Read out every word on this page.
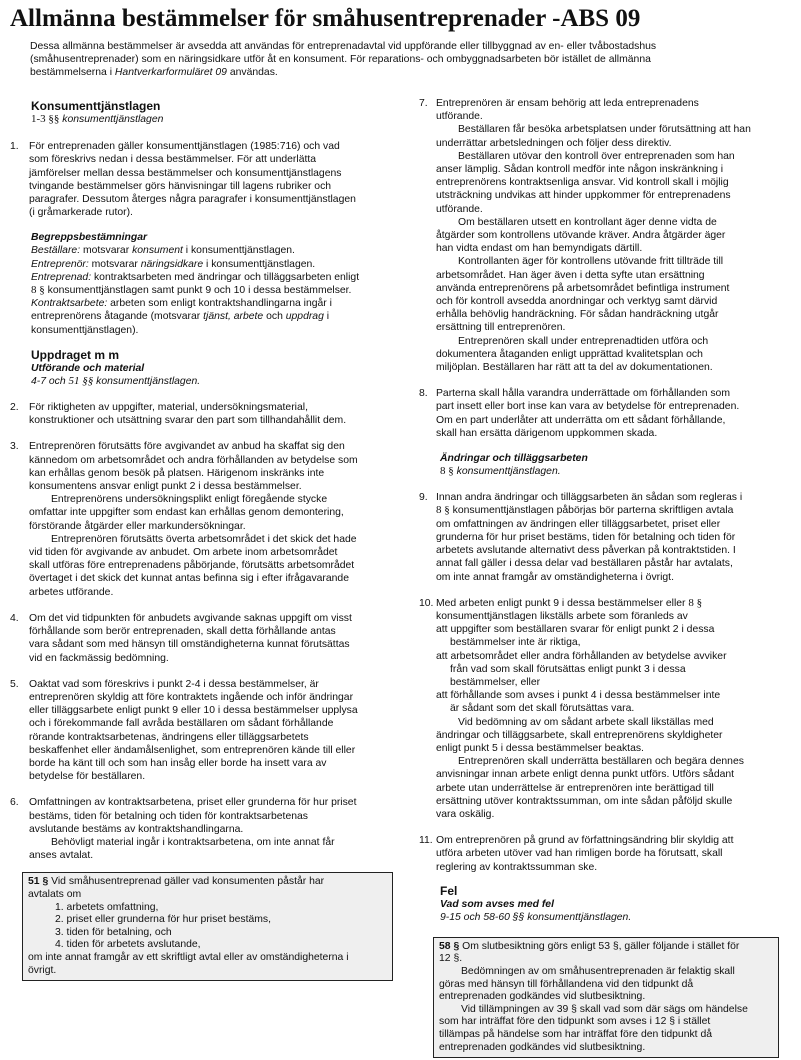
Allmänna bestämmelser för småhusentreprenader -ABS 09
Dessa allmänna bestämmelser är avsedda att användas för entreprenadavtal vid uppförande eller tillbyggnad av en- eller tvåbostadshus
(småhusentreprenader) som en näringsidkare utför åt en konsument. För reparations- och ombyggnadsarbeten bör istället de allmänna
bestämmelserna i Hantverkarformuläret 09 användas.
Konsumenttjänstlagen
1-3 §§ konsumenttjänstlagen
1. För entreprenaden gäller konsumenttjänstlagen (1985:716) och vad

som föreskrivs nedan i dessa bestämmelser. För att underlätta

jämförelser mellan dessa bestämmelser och konsumenttjänstlagens

tvingande bestämmelser görs hänvisningar till lagens rubriker och

paragrafer. Dessutom återges några paragrafer i konsumenttjänstlagen

(i gråmarkerade rutor).

Begreppsbestämningar

Beställare: motsvarar konsument i konsumenttjänstlagen.

Entreprenör: motsvarar näringsidkare i konsumenttjänstlagen.

Entreprenad: kontraktsarbeten med ändringar och tilläggsarbeten enligt

8 § konsumenttjänstlagen samt punkt 9 och 10 i dessa bestämmelser.

Kontraktsarbete: arbeten som enligt kontraktshandlingarna ingår i

entreprenörens åtagande (motsvarar tjänst, arbete och uppdrag i

konsumenttjänstlagen).

Uppdraget m m
Utförande och material
4-7 och 51 §§ konsumenttjänstlagen.
2. För riktigheten av uppgifter, material, undersökningsmaterial,

konstruktioner och utsättning svarar den part som tillhandahållit dem.

3. Entreprenören förutsätts före avgivandet av anbud ha skaffat sig den

kännedom om arbetsområdet och andra förhållanden av betydelse som

kan erhållas genom besök på platsen. Härigenom inskränks inte

konsumentens ansvar enligt punkt 2 i dessa bestämmelser.

Entreprenörens undersökningsplikt enligt föregående stycke

omfattar inte uppgifter som endast kan erhållas genom demontering,

förstörande åtgärder eller markundersökningar.

Entreprenören förutsätts överta arbetsområdet i det skick det hade

vid tiden för avgivande av anbudet. Om arbete inom arbetsområdet

skall utföras före entreprenadens påbörjande, förutsätts arbetsområdet

övertaget i det skick det kunnat antas befinna sig i efter ifrågavarande

arbetes utförande.

4. Om det vid tidpunkten för anbudets avgivande saknas uppgift om visst

förhållande som berör entreprenaden, skall detta förhållande antas

vara sådant som med hänsyn till omständigheterna kunnat förutsättas

vid en fackmässig bedömning.

5. Oaktat vad som föreskrivs i punkt 2-4 i dessa bestämmelser, är

entreprenören skyldig att före kontraktets ingående och inför ändringar

eller tilläggsarbete enligt punkt 9 eller 10 i dessa bestämmelser upplysa

och i förekommande fall avråda beställaren om sådant förhållande

rörande kontraktsarbetenas, ändringens eller tilläggsarbetets

beskaffenhet eller ändamålsenlighet, som entreprenören kände till eller

borde ha känt till och som han insåg eller borde ha insett vara av

betydelse för beställaren.

6. Omfattningen av kontraktsarbetena, priset eller grunderna för hur priset

bestäms, tiden för betalning och tiden för kontraktsarbetenas

avslutande bestäms av kontraktshandlingarna.

Behövligt material ingår i kontraktsarbetena, om inte annat får

anses avtalat.

51 § Vid småhusentreprenad gäller vad konsumenten påstår har

avtalats om

1. arbetets omfattning,

2. priset eller grunderna för hur priset bestäms,

3. tiden för betalning, och

4. tiden för arbetets avslutande,

om inte annat framgår av ett skriftligt avtal eller av omständigheterna i

övrigt.

7. Entreprenören är ensam behörig att leda entreprenadens

utförande.

Beställaren får besöka arbetsplatsen under förutsättning att han

underrättar arbetsledningen och följer dess direktiv.

Beställaren utövar den kontroll över entreprenaden som han

anser lämplig. Sådan kontroll medför inte någon inskränkning i

entreprenörens kontraktsenliga ansvar. Vid kontroll skall i möjlig

utsträckning undvikas att hinder uppkommer för entreprenadens

utförande.

Om beställaren utsett en kontrollant äger denne vidta de

åtgärder som kontrollens utövande kräver. Andra åtgärder äger

han vidta endast om han bemyndigats därtill.

Kontrollanten äger för kontrollens utövande fritt tillträde till

arbetsområdet. Han äger även i detta syfte utan ersättning

använda entreprenörens på arbetsområdet befintliga instrument

och för kontroll avsedda anordningar och verktyg samt därvid

erhålla behövlig handräckning. För sådan handräckning utgår

ersättning till entreprenören.

Entreprenören skall under entreprenadtiden utföra och

dokumentera åtaganden enligt upprättad kvalitetsplan och

miljöplan. Beställaren har rätt att ta del av dokumentationen.

8. Parterna skall hålla varandra underrättade om förhållanden som

part insett eller bort inse kan vara av betydelse för entreprenaden.

Om en part underlåter att underrätta om ett sådant förhållande,

skall han ersätta därigenom uppkommen skada.

Ändringar och tilläggsarbeten
8 § konsumenttjänstlagen.
9. Innan andra ändringar och tilläggsarbeten än sådan som regleras i

8 § konsumenttjänstlagen påbörjas bör parterna skriftligen avtala

om omfattningen av ändringen eller tilläggsarbetet, priset eller

grunderna för hur priset bestäms, tiden för betalning och tiden för

arbetets avslutande alternativt dess påverkan på kontraktstiden. I

annat fall gäller i dessa delar vad beställaren påstår har avtalats,

om inte annat framgår av omständigheterna i övrigt.

10. Med arbeten enligt punkt 9 i dessa bestämmelser eller 8 §

konsumenttjänstlagen likställs arbete som föranleds av

att uppgifter som beställaren svarar för enligt punkt 2 i dessa

bestämmelser inte är riktiga,

att arbetsområdet eller andra förhållanden av betydelse avviker

från vad som skall förutsättas enligt punkt 3 i dessa

bestämmelser, eller

att förhållande som avses i punkt 4 i dessa bestämmelser inte

är sådant som det skall förutsättas vara.

Vid bedömning av om sådant arbete skall likställas med

ändringar och tilläggsarbete, skall entreprenörens skyldigheter

enligt punkt 5 i dessa bestämmelser beaktas.

Entreprenören skall underrätta beställaren och begära dennes

anvisningar innan arbete enligt denna punkt utförs. Utförs sådant

arbete utan underrättelse är entreprenören inte berättigad till

ersättning utöver kontraktssumman, om inte sådan påföljd skulle

vara oskälig.

11. Om entreprenören på grund av författningsändring blir skyldig att

utföra arbeten utöver vad han rimligen borde ha förutsatt, skall

reglering av kontraktssumman ske.

Fel
Vad som avses med fel
9-15 och 58-60 §§ konsumenttjänstlagen.

58 § Om slutbesiktning görs enligt 53 §, gäller följande i stället för

12 §.

Bedömningen av om småhusentreprenaden är felaktig skall

göras med hänsyn till förhållandena vid den tidpunkt då

entreprenaden godkändes vid slutbesiktning.

Vid tillämpningen av 39 § skall vad som där sägs om händelse

som har inträffat före den tidpunkt som avses i 12 § i stället

tillämpas på händelse som har inträffat före den tidpunkt då

entreprenaden godkändes vid slutbesiktning.
